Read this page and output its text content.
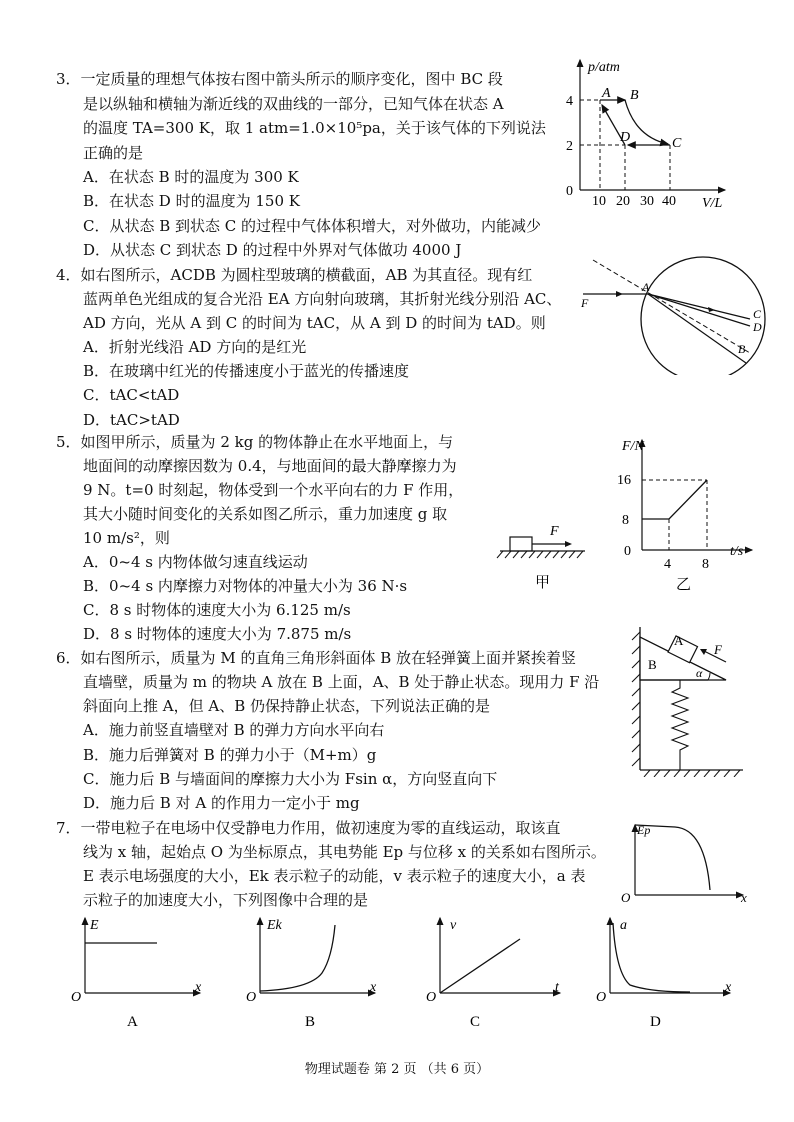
3．一定质量的理想气体按右图中箭头所示的顺序变化，图中 BC 段
是以纵轴和横轴为渐近线的双曲线的一部分，已知气体在状态 A
的温度 TA=300 K，取 1 atm=1.0×10⁵pa，关于该气体的下列说法
正确的是
A．在状态 B 时的温度为 300 K
B．在状态 D 时的温度为 150 K
C．从状态 B 到状态 C 的过程中气体体积增大，对外做功，内能减少
D．从状态 C 到状态 D 的过程中外界对气体做功 4000 J
p/atm
V/L
0
4
2
10 20 30 40
A B
C
D
4．如右图所示，ACDB 为圆柱型玻璃的横截面，AB 为其直径。现有红
蓝两单色光组成的复合光沿 EA 方向射向玻璃，其折射光线分别沿 AC、
AD 方向，光从 A 到 C 的时间为 tAC，从 A 到 D 的时间为 tAD。则
A．折射光线沿 AD 方向的是红光
B．在玻璃中红光的传播速度小于蓝光的传播速度
C．tAC<tAD
D．tAC>tAD
A
F
C
D
B
5．如图甲所示，质量为 2 kg 的物体静止在水平地面上，与
地面间的动摩擦因数为 0.4，与地面间的最大静摩擦力为
9 N。t=0 时刻起，物体受到一个水平向右的力 F 作用，
其大小随时间变化的关系如图乙所示，重力加速度 g 取
10 m/s²，则
A．0~4 s 内物体做匀速直线运动
B．0~4 s 内摩擦力对物体的冲量大小为 36 N·s
C．8 s 时物体的速度大小为 6.125 m/s
D．8 s 时物体的速度大小为 7.875 m/s
F
甲
F/N
t/s
0
16
8
4 8
乙
6．如右图所示，质量为 M 的直角三角形斜面体 B 放在轻弹簧上面并紧挨着竖
直墙壁，质量为 m 的物块 A 放在 B 上面，A、B 处于静止状态。现用力 F 沿
斜面向上推 A，但 A、B 仍保持静止状态，下列说法正确的是
A．施力前竖直墙壁对 B 的弹力方向水平向右
B．施力后弹簧对 B 的弹力小于（M+m）g
C．施力后 B 与墙面间的摩擦力大小为 Fsin α，方向竖直向下
D．施力后 B 对 A 的作用力一定小于 mg
A
B
F
α
7．一带电粒子在电场中仅受静电力作用，做初速度为零的直线运动，取该直
线为 x 轴，起始点 O 为坐标原点，其电势能 Ep 与位移 x 的关系如右图所示。
E 表示电场强度的大小，Ek 表示粒子的动能，v 表示粒子的速度大小，a 表
示粒子的加速度大小，下列图像中合理的是
Ep
x
O
E
x
O
A
Ek
x
O
B
v
t
O
C
a
x
O
D
物理试题卷 第 2 页 （共 6 页）
